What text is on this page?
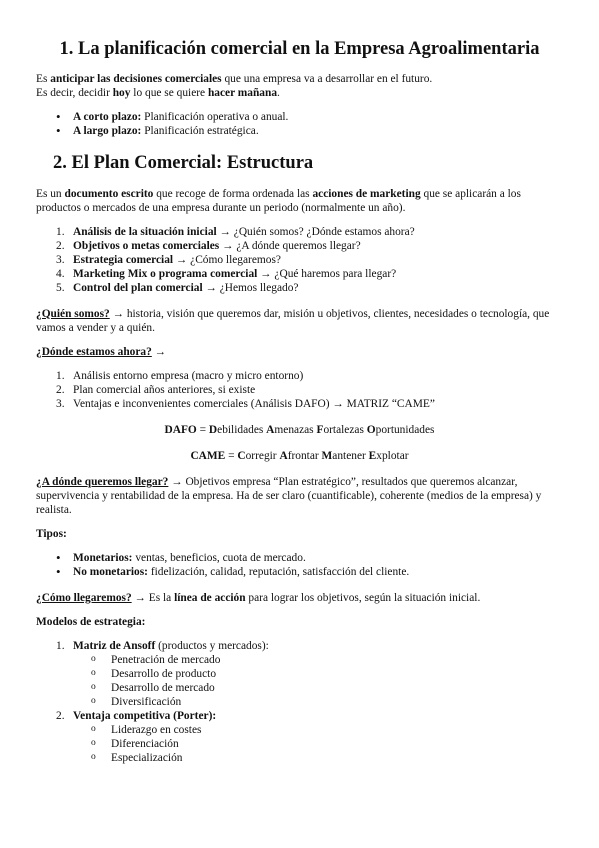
1. La planificación comercial en la Empresa Agroalimentaria

Es anticipar las decisiones comerciales que una empresa va a desarrollar en el futuro.

Es decir, decidir hoy lo que se quiere hacer mañana.

• A corto plazo: Planificación operativa o anual.
• A largo plazo: Planificación estratégica.
2. El Plan Comercial: Estructura

Es un documento escrito que recoge de forma ordenada las acciones de marketing que se aplicarán a los productos o mercados de una empresa durante un periodo (normalmente un año).

1. Análisis de la situación inicial → ¿Quién somos? ¿Dónde estamos ahora?
2. Objetivos o metas comerciales → ¿A dónde queremos llegar?
3. Estrategia comercial → ¿Cómo llegaremos?
4. Marketing Mix o programa comercial → ¿Qué haremos para llegar?
5. Control del plan comercial → ¿Hemos llegado?

¿Quién somos? → historia, visión que queremos dar, misión u objetivos, clientes, necesidades o tecnología, que vamos a vender y a quién.

¿Dónde estamos ahora? →

1. Análisis entorno empresa (macro y micro entorno)
2. Plan comercial años anteriores, si existe
3. Ventajas e inconvenientes comerciales (Análisis DAFO) → MATRIZ “CAME”

DAFO = Debilidades Amenazas Fortalezas Oportunidades

CAME = Corregir Afrontar Mantener Explotar

¿A dónde queremos llegar? → Objetivos empresa “Plan estratégico”, resultados que queremos alcanzar, supervivencia y rentabilidad de la empresa. Ha de ser claro (cuantificable), coherente (medios de la empresa) y realista.

Tipos:

• Monetarios: ventas, beneficios, cuota de mercado.
• No monetarios: fidelización, calidad, reputación, satisfacción del cliente.

¿Cómo llegaremos? → Es la línea de acción para lograr los objetivos, según la situación inicial.

Modelos de estrategia:

1. Matriz de Ansoff (productos y mercados):
o Penetración de mercado
o Desarrollo de producto
o Desarrollo de mercado
o Diversificación
2. Ventaja competitiva (Porter):
o Liderazgo en costes
o Diferenciación
o Especialización
